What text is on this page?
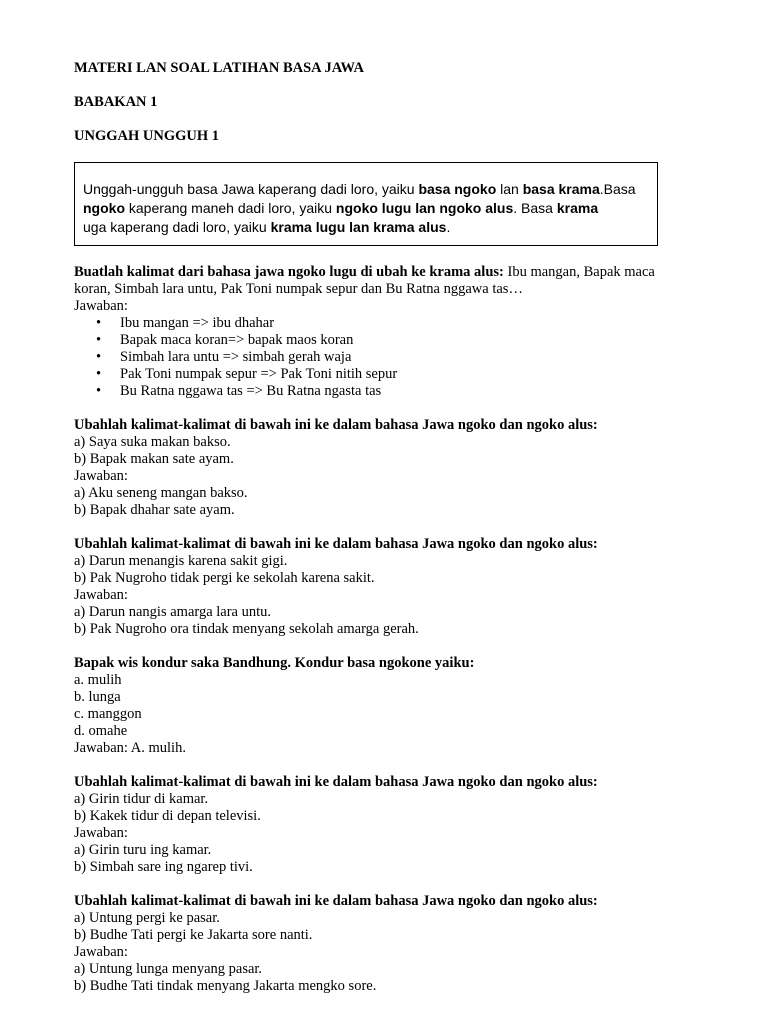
MATERI LAN SOAL LATIHAN BASA JAWA

BABAKAN 1

UNGGAH UNGGUH 1

Unggah-ungguh basa Jawa kaperang dadi loro, yaiku basa ngoko lan basa krama.Basa
ngoko kaperang maneh dadi loro, yaiku ngoko lugu lan ngoko alus. Basa krama
uga kaperang dadi loro, yaiku krama lugu lan krama alus.

Buatlah kalimat dari bahasa jawa ngoko lugu di ubah ke krama alus: Ibu mangan, Bapak maca

koran, Simbah lara untu, Pak Toni numpak sepur dan Bu Ratna nggawa tas…

Jawaban:

• Ibu mangan => ibu dhahar
• Bapak maca koran=> bapak maos koran
• Simbah lara untu => simbah gerah waja
• Pak Toni numpak sepur => Pak Toni nitih sepur
• Bu Ratna nggawa tas => Bu Ratna ngasta tas

Ubahlah kalimat-kalimat di bawah ini ke dalam bahasa Jawa ngoko dan ngoko alus:

a) Saya suka makan bakso.

b) Bapak makan sate ayam.

Jawaban:

a) Aku seneng mangan bakso.

b) Bapak dhahar sate ayam.

Ubahlah kalimat-kalimat di bawah ini ke dalam bahasa Jawa ngoko dan ngoko alus:

a) Darun menangis karena sakit gigi.

b) Pak Nugroho tidak pergi ke sekolah karena sakit.

Jawaban:

a) Darun nangis amarga lara untu.

b) Pak Nugroho ora tindak menyang sekolah amarga gerah.

Bapak wis kondur saka Bandhung. Kondur basa ngokone yaiku:

a. mulih

b. lunga

c. manggon

d. omahe

Jawaban: A. mulih.

Ubahlah kalimat-kalimat di bawah ini ke dalam bahasa Jawa ngoko dan ngoko alus:

a) Girin tidur di kamar.

b) Kakek tidur di depan televisi.

Jawaban:

a) Girin turu ing kamar.

b) Simbah sare ing ngarep tivi.

Ubahlah kalimat-kalimat di bawah ini ke dalam bahasa Jawa ngoko dan ngoko alus:

a) Untung pergi ke pasar.

b) Budhe Tati pergi ke Jakarta sore nanti.

Jawaban:

a) Untung lunga menyang pasar.

b) Budhe Tati tindak menyang Jakarta mengko sore.
